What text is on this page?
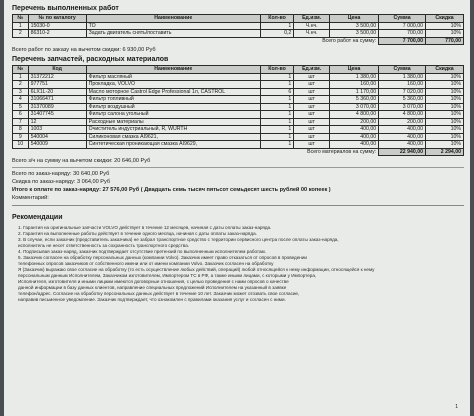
Перечень выполненных работ
№	№ по каталогу	Наименование	Кол-во	Ед.изм.	Цена	Сумма	Скидка
1	15030-0	ТО	1	Ч.нч.	3 500,00	7 000,00	10%
2	86310-2	Задать двигатель снять/поставить	0,2	Ч.нч.	3 500,00	700,00	10%
Всего работ на сумму:						7 700,00	770,00
Всего работ по заказу на вычетом скидки: 6 930,00 Руб
Перечень запчастей, расходных материалов
№	Код	Наименование	Кол-во	Ед.изм.	Цена	Сумма	Скидка
1	31372212	Фильтр масляный	1	шт	1 380,00	1 380,00	10%
2	977751	Прокладка, VOLVO	1	шт	160,00	160,00	10%
3	6LX1L-20	Масло моторное Castrol Edge Professional 1л, CASTROL	6	шт	1 170,00	7 020,00	10%
4	31066471	Фильтр топливный	1	шт	5 360,00	5 360,00	10%
5	31370089	Фильтр воздушный	1	шт	3 070,00	3 070,00	10%
6	31407745	Фильтр салона угольный	1	шт	4 800,00	4 800,00	10%
7	12	Расходные материалы	1	шт	200,00	200,00	10%
8	1003	Очиститель индустриальный, R, WURTH	1	шт	400,00	400,00	10%
9	540004	Силиконовая смазка AI9621,	1	шт	400,00	400,00	10%
10	540009	Синтетическая проникающая смазка AI9629,	1	шт	400,00	400,00	10%
Всего материалов на сумму:						22 940,00	2 294,00
Всего з/ч на сумму на вычетом скидки: 20 646,00 Руб
Всего по заказ-наряду: 30 640,00 Руб
Скидка по заказ-наряду: 3 064,00 Руб
Итого к оплате по заказ-наряду: 27 576,00 Руб ( Двадцать семь тысяч пятьсот семьдесят шесть рублей 00 копеек )
Комментарий:
Рекомендации
1. Гарантия на оригинальные запчасти VOLVO действует в течение 12 месяцев, начиная с даты оплаты заказ-наряда.
2. Гарантия на выполненные работы действует в течение одного месяца, начиная с даты оплаты заказ-наряда.
3. В случае, если заказчик (представитель заказчика) не забрал транспортное средство с территории сервисного центра после оплаты заказ-наряда,
исполнитель не несет ответственность за сохранность транспортного средства.
4. Подписывая заказ-наряд, заказчик подтверждает отсутствие претензий по выполненным исполнителем работам.
5. Заказчик согласен на обработку персональных данных (компании Volvo). Заказчик имеет право отказаться от опросов в проведении
телефонных опросов заказчиков от собственного имени или от имени компании Volvo. Заказчик согласен на обработку
Я (Заказчик) выражаю свое согласие на обработку (то есть осуществление любых действий, операций) любой относящейся к нему информации, относящейся к нему
персональным данным Исполнителем, Заказчиком изготовителем, Импортером ТС в РФ, а также иными лицами, с которыми у Импортера,
Исполнителя, изготовителя и иными лицами имеются договорные отношения, с целью проведения с нами опросов о качестве
данной информации в базу данных клиентов, направление специальных предложений Исполнителем на указанный в заявке
телефон/адрес. Согласие на обработку персональных данных действует в течение 10 лет. Заказчик может отозвать свое согласие,
направив письменное уведомление. Заказчик подтверждает, что ознакомлен с правилами оказания услуг и согласен с ними.
1
